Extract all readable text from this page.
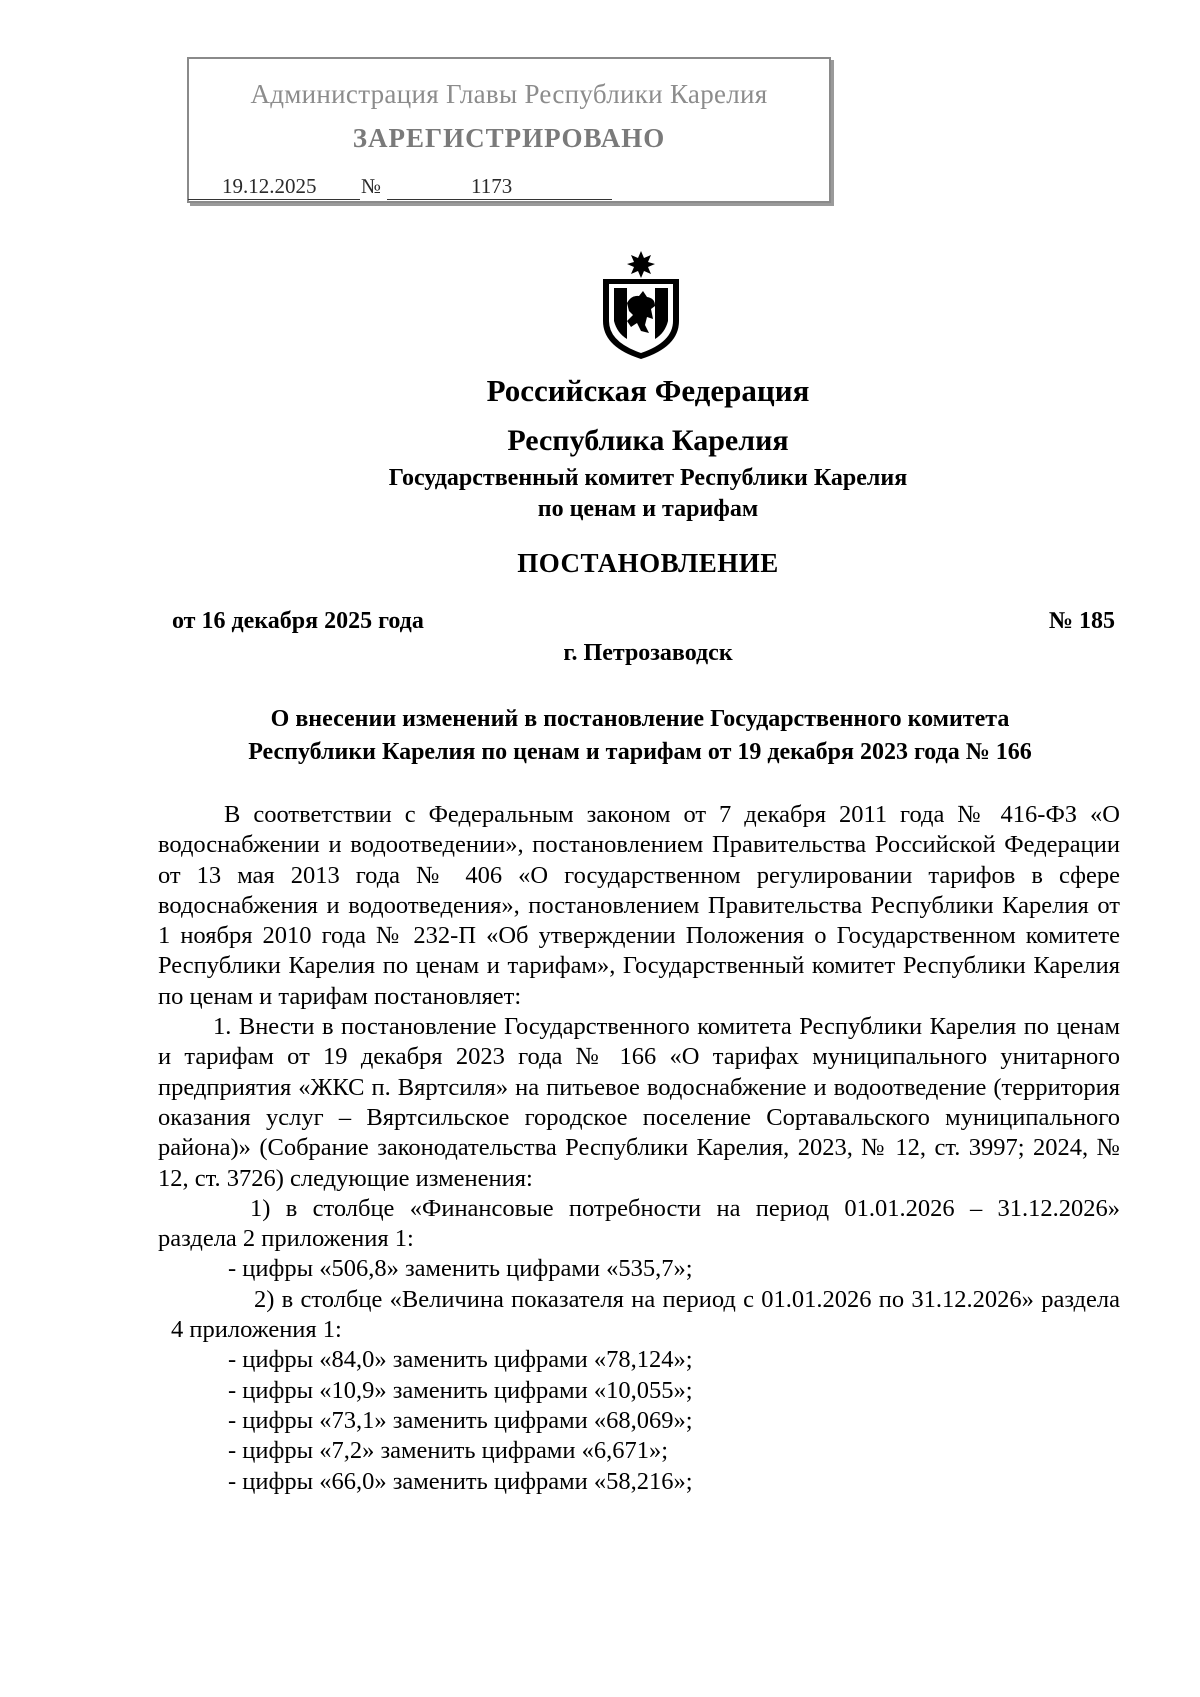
Администрация Главы Республики Карелия
ЗАРЕГИСТРИРОВАНО
19.12.2025	№	1173
Российская Федерация
Республика Карелия
Государственный комитет Республики Карелия
по ценам и тарифам
ПОСТАНОВЛЕНИЕ
от 16 декабря 2025 года	№ 185
г. Петрозаводск
О внесении изменений в постановление Государственного комитета
Республики Карелия по ценам и тарифам от 19 декабря 2023 года № 166

В соответствии с Федеральным законом от 7 декабря 2011 года № 416-ФЗ «О водоснабжении и водоотведении», постановлением Правительства Российской Федерации от 13 мая 2013 года № 406 «О государственном регулировании тарифов в сфере водоснабжения и водоотведения», постановлением Правительства Республики Карелия от 1 ноября 2010 года № 232-П «Об утверждении Положения о Государственном комитете Республики Карелия по ценам и тарифам», Государственный комитет Республики Карелия по ценам и тарифам постановляет:

1. Внести в постановление Государственного комитета Республики Карелия по ценам и тарифам от 19 декабря 2023 года № 166 «О тарифах муниципального унитарного предприятия «ЖКС п. Вяртсиля» на питьевое водоснабжение и водоотведение (территория оказания услуг – Вяртсильское городское поселение Сортавальского муниципального района)» (Собрание законодательства Республики Карелия, 2023, № 12, ст. 3997; 2024, № 12, ст. 3726) следующие изменения:

1) в столбце «Финансовые потребности на период 01.01.2026 – 31.12.2026» раздела 2 приложения 1:

- цифры «506,8» заменить цифрами «535,7»;

2) в столбце «Величина показателя на период с 01.01.2026 по 31.12.2026» раздела 4 приложения 1:

- цифры «84,0» заменить цифрами «78,124»;

- цифры «10,9» заменить цифрами «10,055»;

- цифры «73,1» заменить цифрами «68,069»;

- цифры «7,2» заменить цифрами «6,671»;

- цифры «66,0» заменить цифрами «58,216»;
